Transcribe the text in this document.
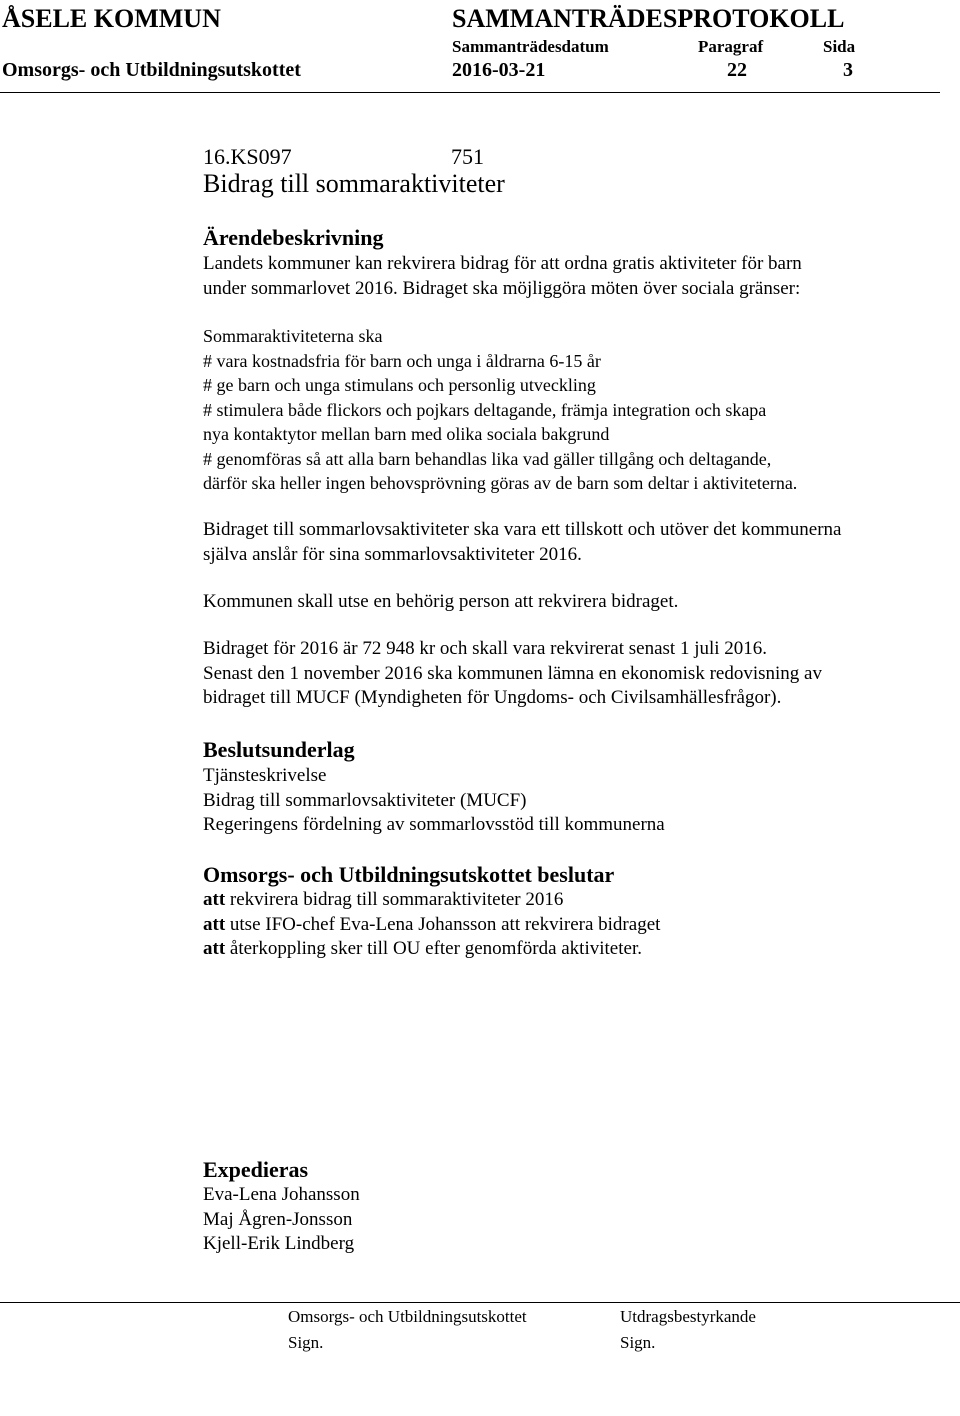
ÅSELE KOMMUN	SAMMANTRÄDESPROTOKOLL
Sammanträdesdatum	Paragraf	Sida
Omsorgs- och Utbildningsutskottet	2016-03-21	22	3
16.KS097	751
Bidrag till sommaraktiviteter
Ärendebeskrivning
Landets kommuner kan rekvirera bidrag för att ordna gratis aktiviteter för barn
under sommarlovet 2016. Bidraget ska möjliggöra möten över sociala gränser:
Sommaraktiviteterna ska
# vara kostnadsfria för barn och unga i åldrarna 6-15 år
# ge barn och unga stimulans och personlig utveckling
# stimulera både flickors och pojkars deltagande, främja integration och skapa
nya kontaktytor mellan barn med olika sociala bakgrund
# genomföras så att alla barn behandlas lika vad gäller tillgång och deltagande,
därför ska heller ingen behovsprövning göras av de barn som deltar i aktiviteterna.
Bidraget till sommarlovsaktiviteter ska vara ett tillskott och utöver det kommunerna
själva anslår för sina sommarlovsaktiviteter 2016.
Kommunen skall utse en behörig person att rekvirera bidraget.
Bidraget för 2016 är 72 948 kr och skall vara rekvirerat senast 1 juli 2016.
Senast den 1 november 2016 ska kommunen lämna en ekonomisk redovisning av
bidraget till MUCF (Myndigheten för Ungdoms- och Civilsamhällesfrågor).
Beslutsunderlag
Tjänsteskrivelse
Bidrag till sommarlovsaktiviteter (MUCF)
Regeringens fördelning av sommarlovsstöd till kommunerna
Omsorgs- och Utbildningsutskottet beslutar
att rekvirera bidrag till sommaraktiviteter 2016
att utse IFO-chef Eva-Lena Johansson att rekvirera bidraget
att återkoppling sker till OU efter genomförda aktiviteter.
Expedieras
Eva-Lena Johansson
Maj Ågren-Jonsson
Kjell-Erik Lindberg
Omsorgs- och Utbildningsutskottet
Sign.
Utdragsbestyrkande
Sign.
